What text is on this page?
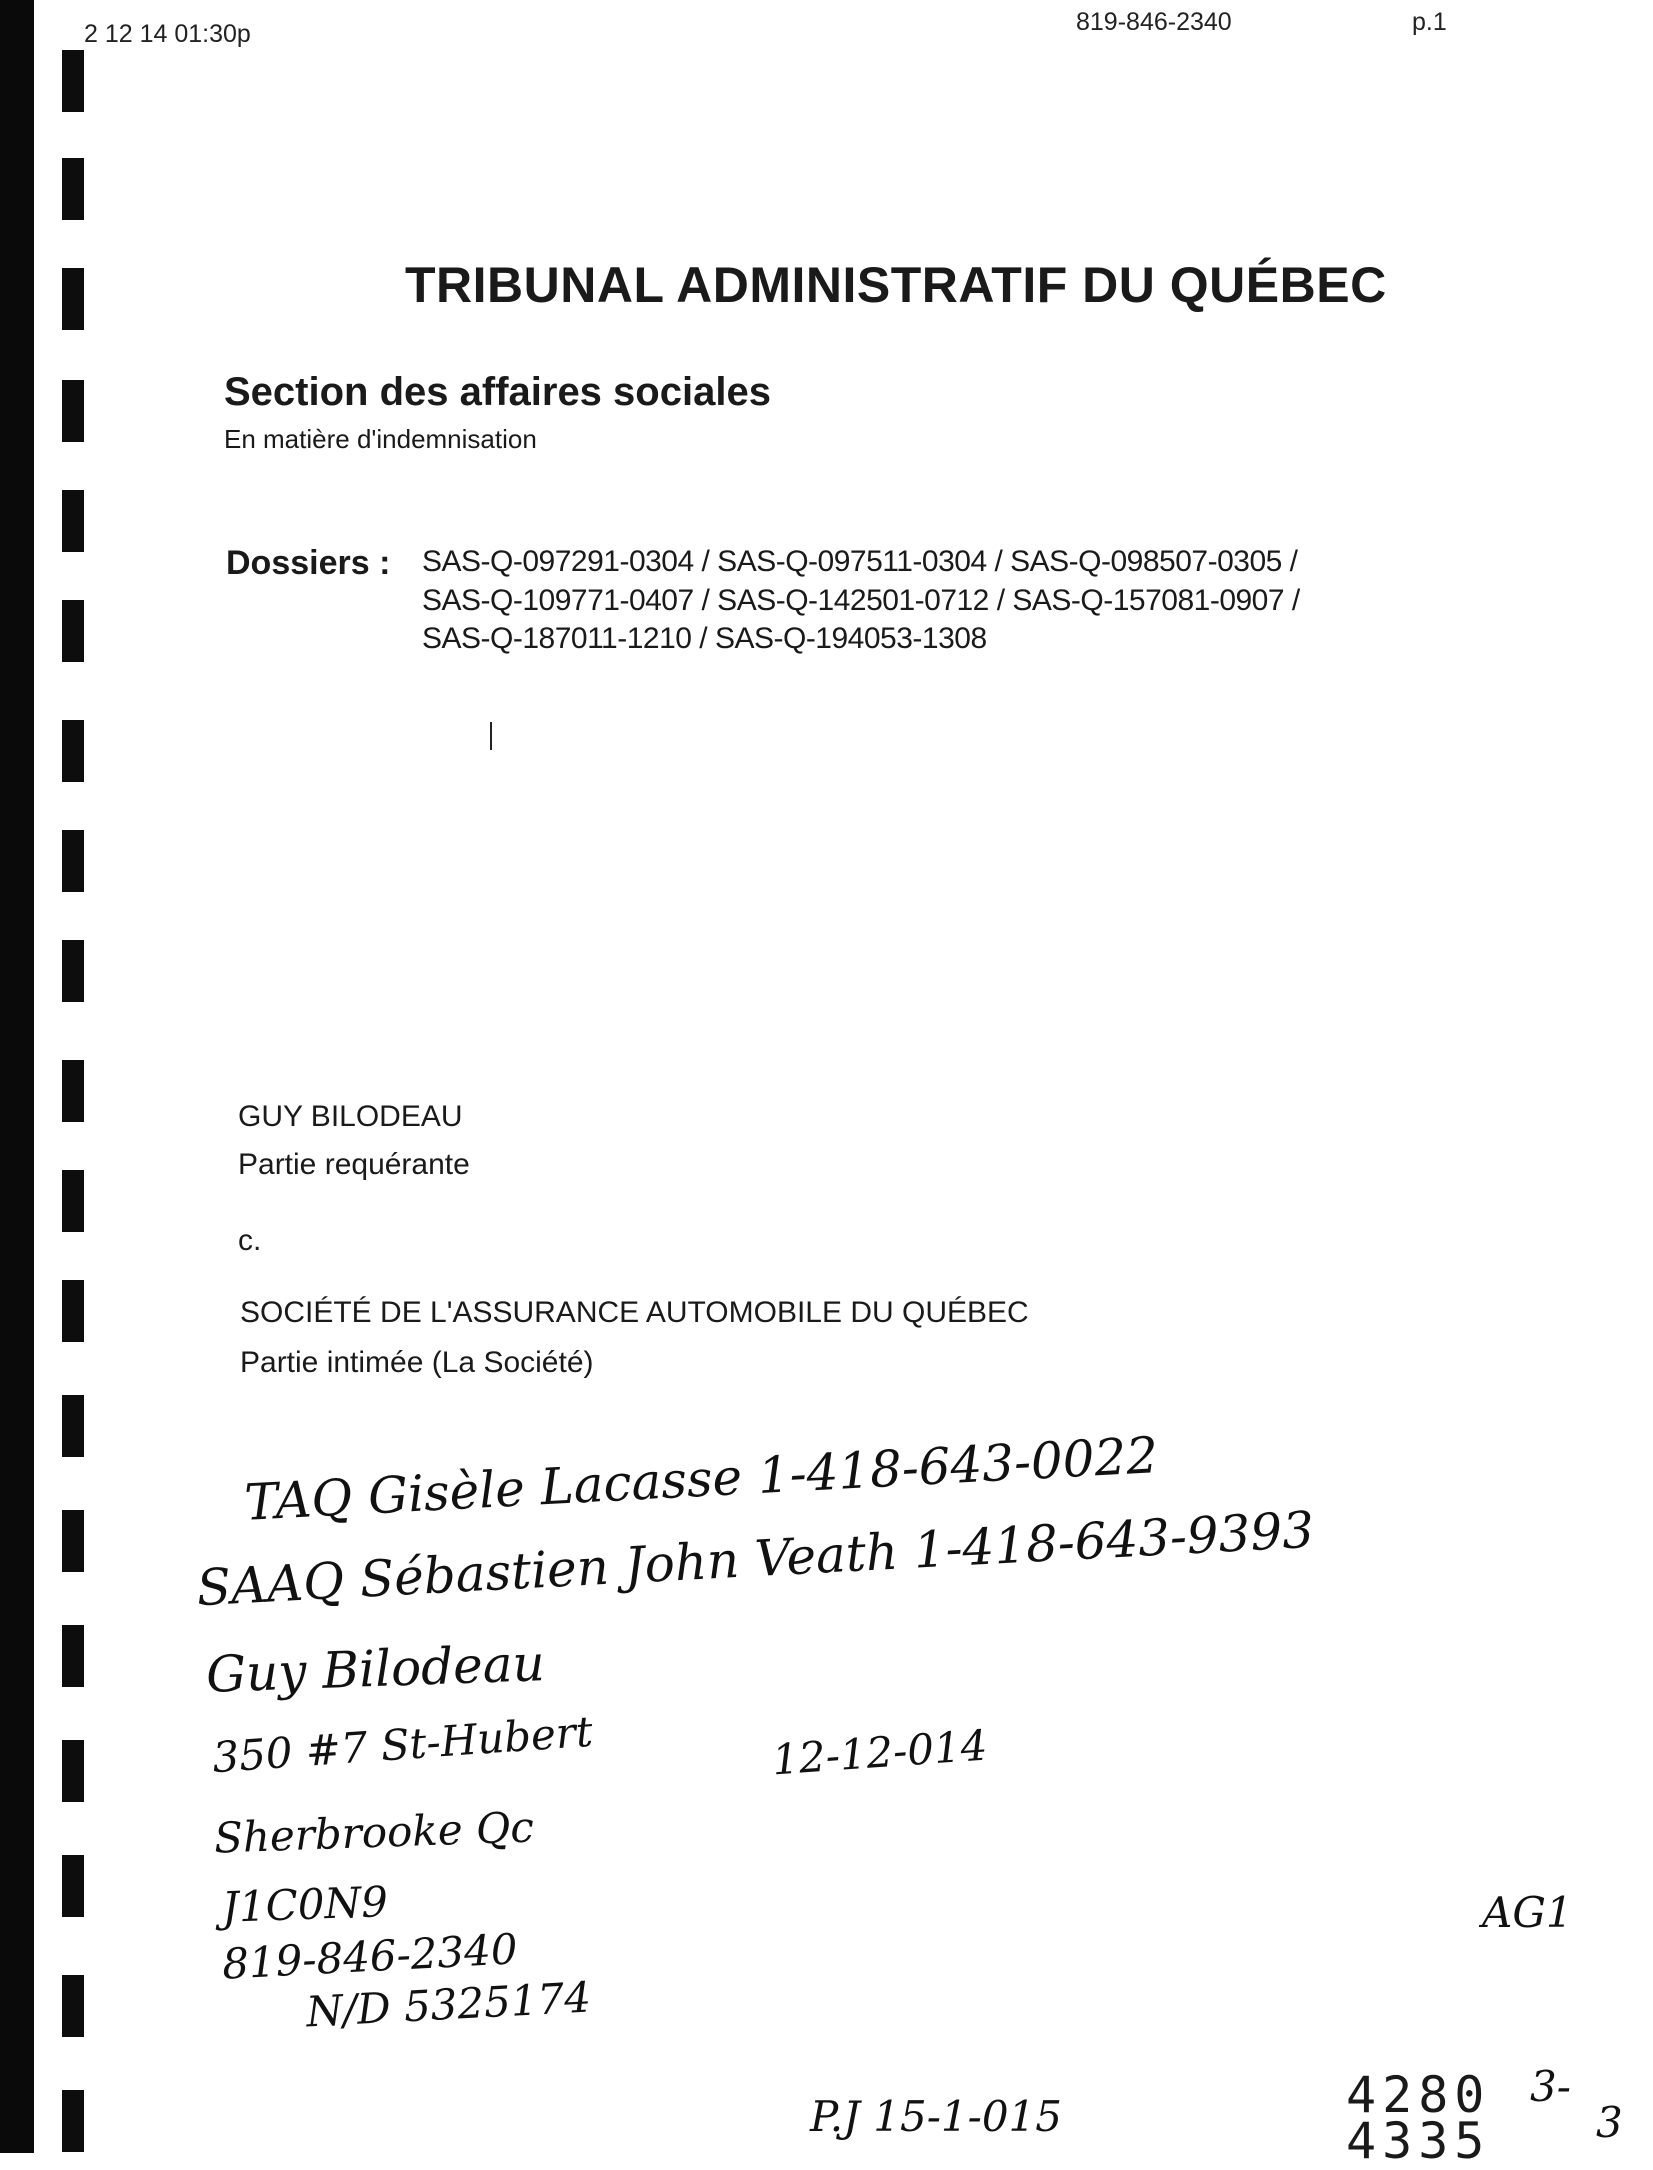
2 12 14 01:30p	819-846-2340	p.1
TRIBUNAL ADMINISTRATIF DU QUÉBEC
Section des affaires sociales
En matière d'indemnisation
Dossiers : SAS-Q-097291-0304 / SAS-Q-097511-0304 / SAS-Q-098507-0305 /
SAS-Q-109771-0407 / SAS-Q-142501-0712 / SAS-Q-157081-0907 /
SAS-Q-187011-1210 / SAS-Q-194053-1308
GUY BILODEAU
Partie requérante
c.
SOCIÉTÉ DE L'ASSURANCE AUTOMOBILE DU QUÉBEC
Partie intimée (La Société)
TAQ Gisèle Lacasse 1-418-643-0022
SAAQ Sébastien John Veath 1-418-643-9393
Guy Bilodeau
350 #7 St-Hubert	12-12-014
Sherbrooke Qc
J1C0N9
819-846-2340
N/D 5325174
AG1
P.J 15-1-015	4280
4335
3-
3
